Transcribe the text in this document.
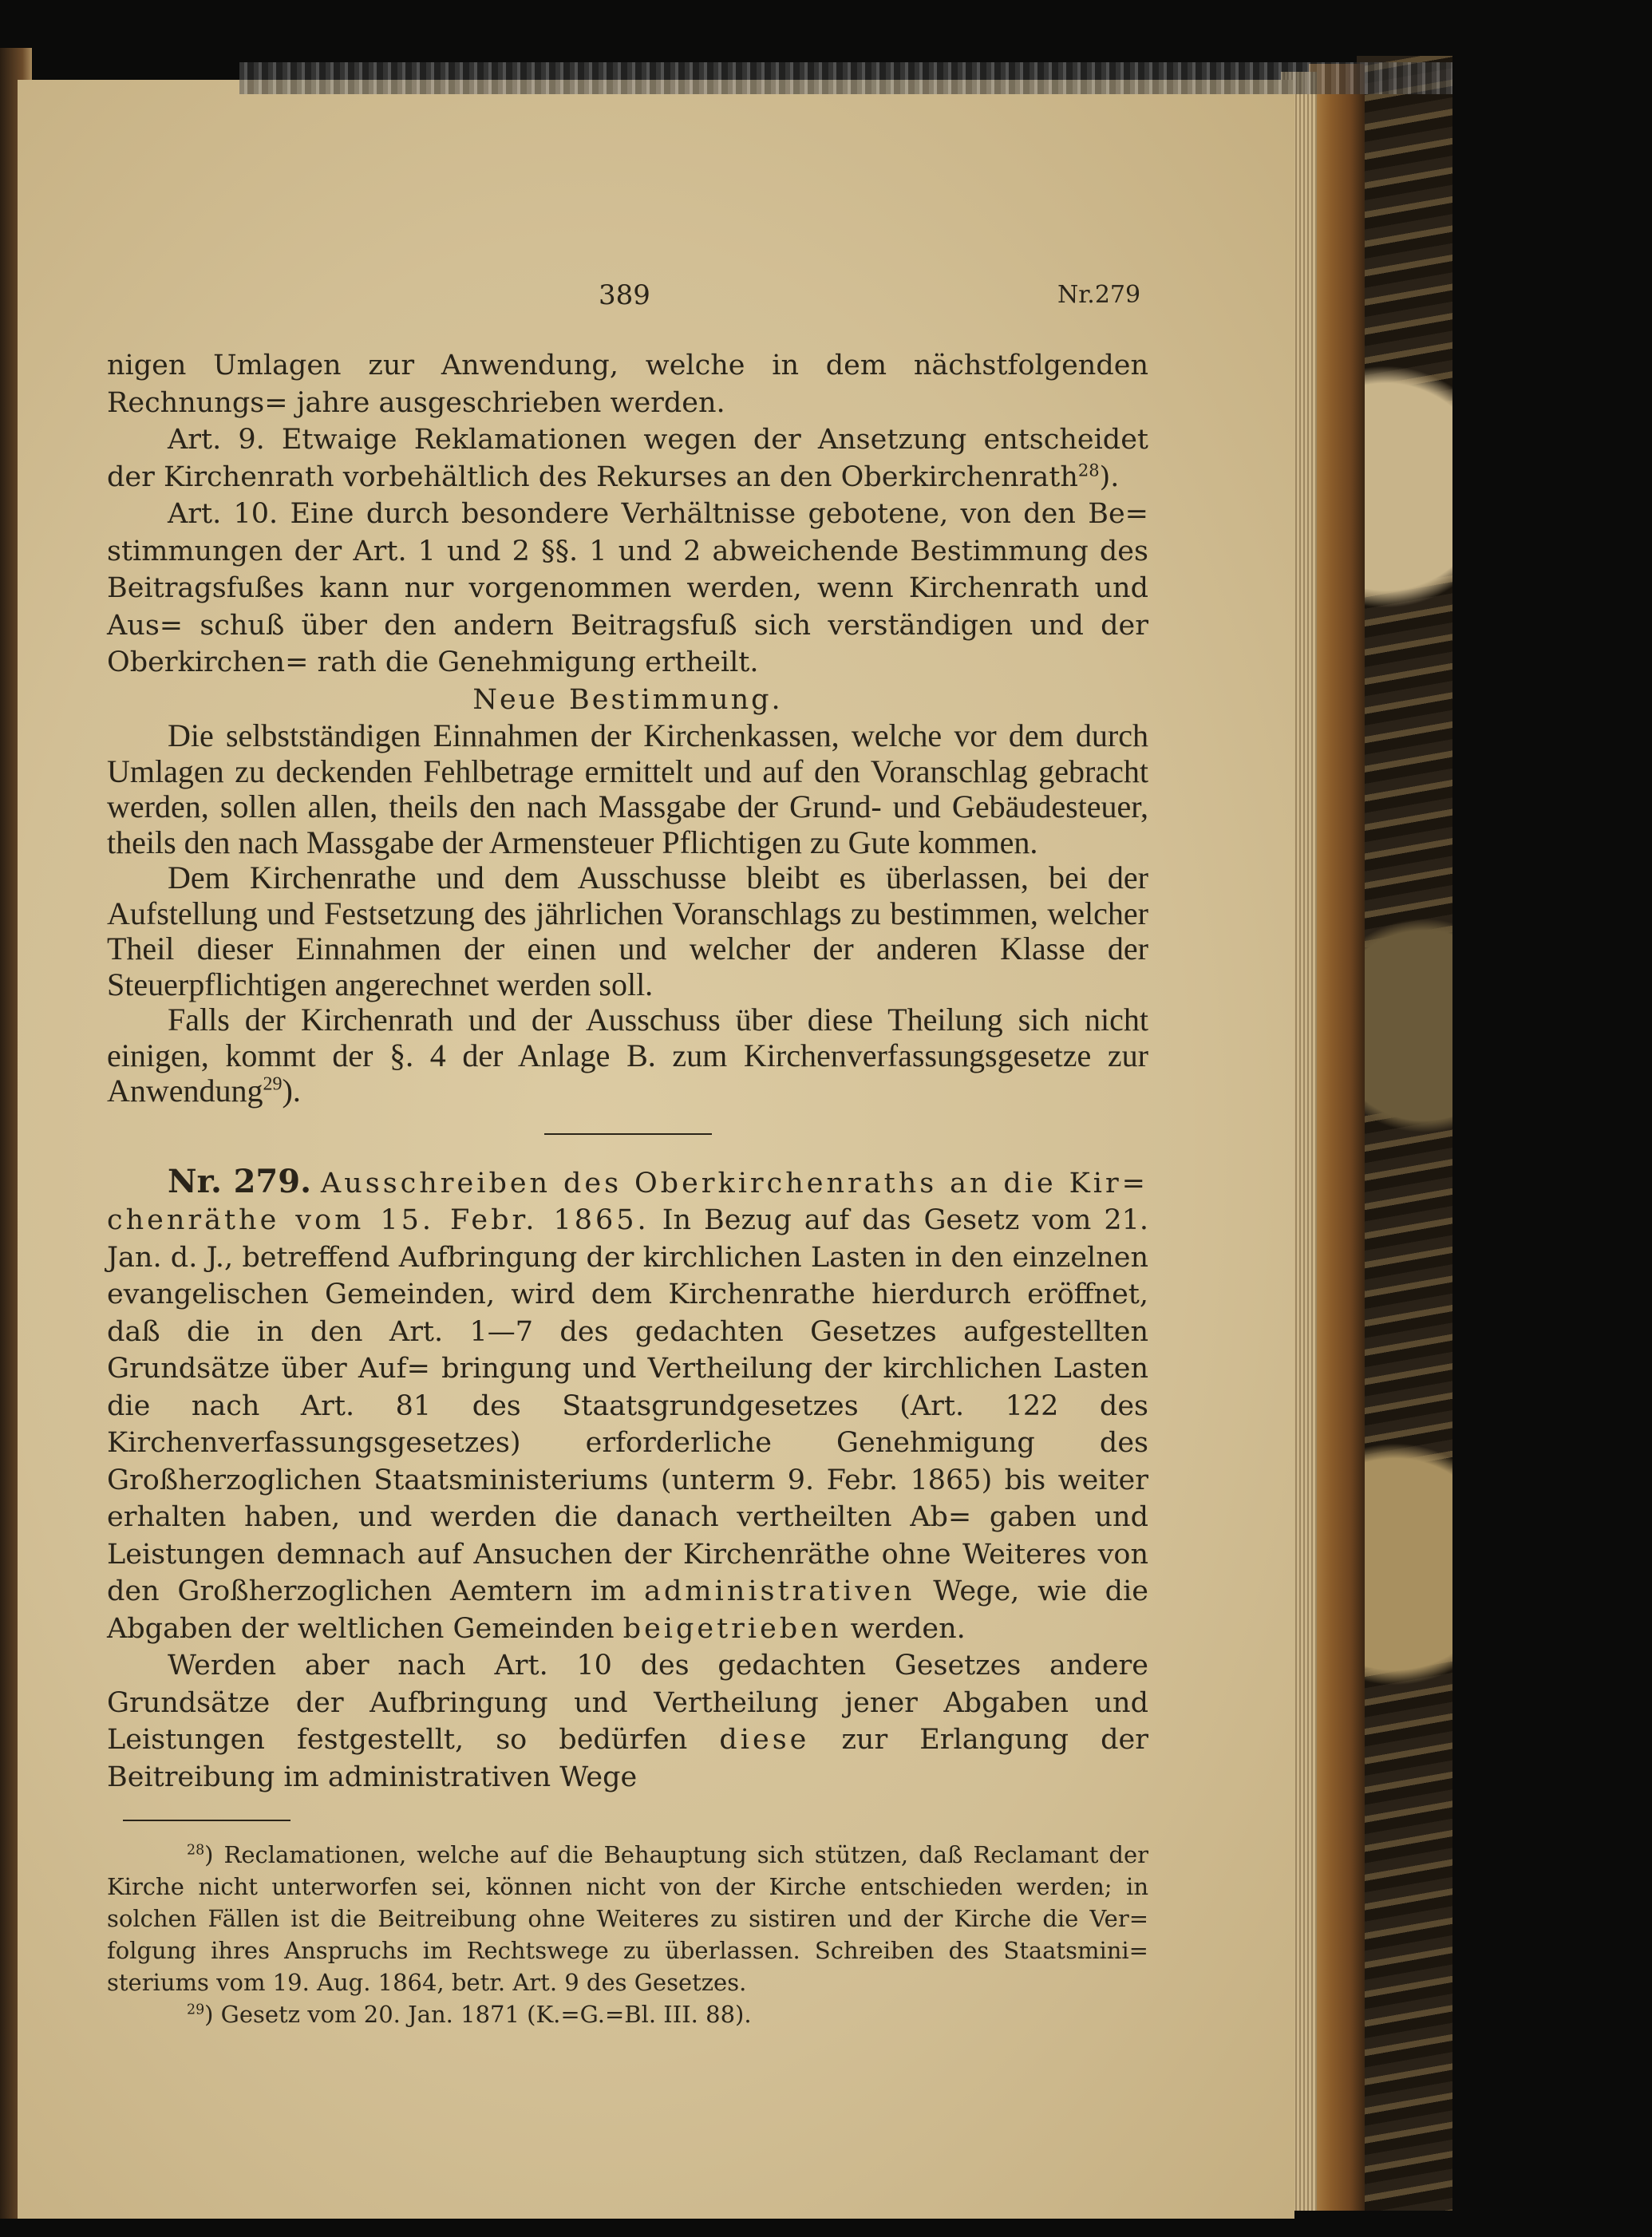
389	Nr.279

nigen Umlagen zur Anwendung, welche in dem nächstfolgenden Rechnungs= jahre ausgeschrieben werden.

Art. 9. Etwaige Reklamationen wegen der Ansetzung entscheidet der Kirchenrath vorbehältlich des Rekurses an den Oberkirchenrath$^{28}$).

Art. 10. Eine durch besondere Verhältnisse gebotene, von den Be= stimmungen der Art. 1 und 2 §§. 1 und 2 abweichende Bestimmung des Beitragsfußes kann nur vorgenommen werden, wenn Kirchenrath und Aus= schuß über den andern Beitragsfuß sich verständigen und der Oberkirchen= rath die Genehmigung ertheilt.

Neue Bestimmung.

Die selbstständigen Einnahmen der Kirchenkassen, welche vor dem durch Umlagen zu deckenden Fehlbetrage ermittelt und auf den Voranschlag gebracht werden, sollen allen, theils den nach Massgabe der Grund- und Gebäudesteuer, theils den nach Massgabe der Armensteuer Pflichtigen zu Gute kommen.

Dem Kirchenrathe und dem Ausschusse bleibt es überlassen, bei der Aufstellung und Festsetzung des jährlichen Voranschlags zu bestimmen, welcher Theil dieser Einnahmen der einen und welcher der anderen Klasse der Steuerpflichtigen angerechnet werden soll.

Falls der Kirchenrath und der Ausschuss über diese Theilung sich nicht einigen, kommt der §. 4 der Anlage B. zum Kirchenverfassungsgesetze zur Anwendung$^{29}$).

Nr. 279. Ausschreiben des Oberkirchenraths an die Kir= chenräthe vom 15. Febr. 1865. In Bezug auf das Gesetz vom 21. Jan. d. J., betreffend Aufbringung der kirchlichen Lasten in den einzelnen evangelischen Gemeinden, wird dem Kirchenrathe hierdurch eröffnet, daß die in den Art. 1—7 des gedachten Gesetzes aufgestellten Grundsätze über Auf= bringung und Vertheilung der kirchlichen Lasten die nach Art. 81 des Staatsgrundgesetzes (Art. 122 des Kirchenverfassungsgesetzes) erforderliche Genehmigung des Großherzoglichen Staatsministeriums (unterm 9. Febr. 1865) bis weiter erhalten haben, und werden die danach vertheilten Ab= gaben und Leistungen demnach auf Ansuchen der Kirchenräthe ohne Weiteres von den Großherzoglichen Aemtern im administrativen Wege, wie die Abgaben der weltlichen Gemeinden beigetrieben werden.

Werden aber nach Art. 10 des gedachten Gesetzes andere Grundsätze der Aufbringung und Vertheilung jener Abgaben und Leistungen festgestellt, so bedürfen diese zur Erlangung der Beitreibung im administrativen Wege

$^{28}$) Reclamationen, welche auf die Behauptung sich stützen, daß Reclamant der Kirche nicht unterworfen sei, können nicht von der Kirche entschieden werden; in solchen Fällen ist die Beitreibung ohne Weiteres zu sistiren und der Kirche die Ver= folgung ihres Anspruchs im Rechtswege zu überlassen. Schreiben des Staatsmini= steriums vom 19. Aug. 1864, betr. Art. 9 des Gesetzes.

$^{29}$) Gesetz vom 20. Jan. 1871 (K.=G.=Bl. III. 88).
